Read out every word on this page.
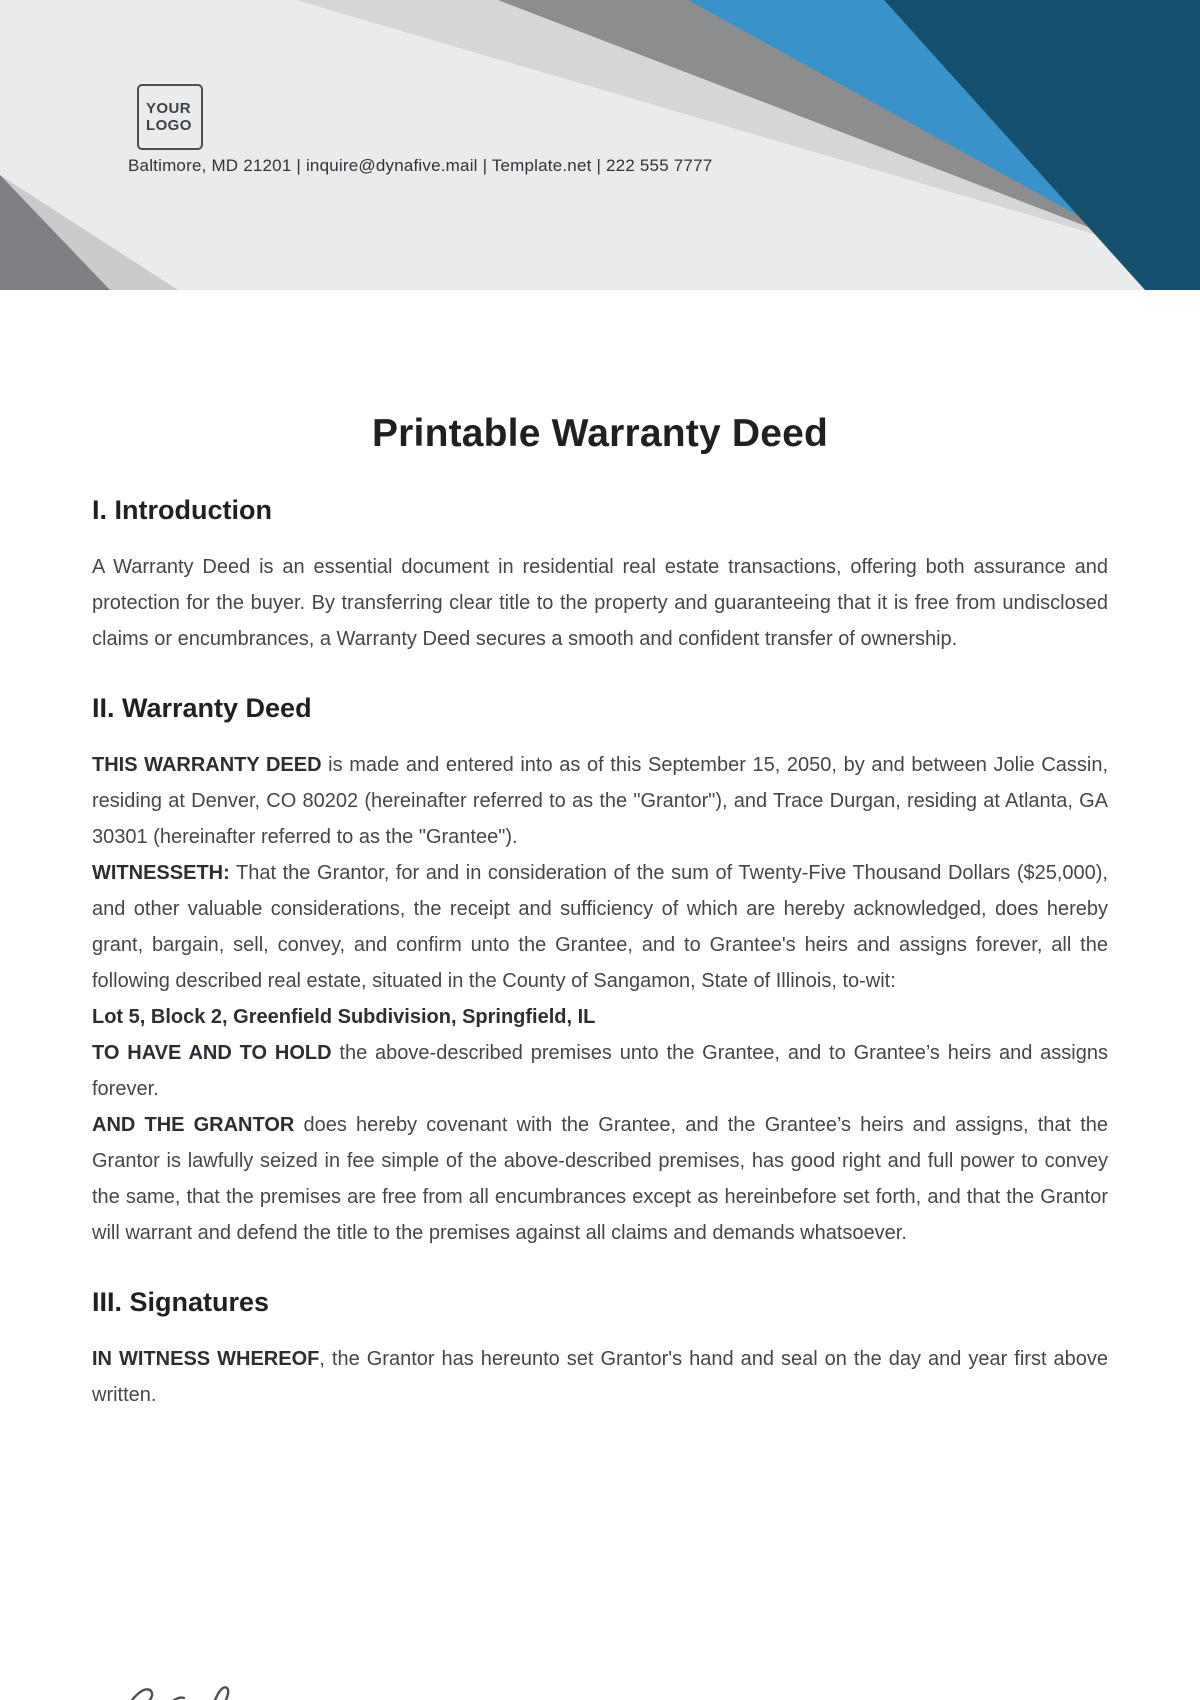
YOUR
LOGO
Baltimore, MD 21201 | inquire@dynafive.mail | Template.net | 222 555 7777
Printable Warranty Deed
I. Introduction

A Warranty Deed is an essential document in residential real estate transactions, offering both assurance and protection for the buyer. By transferring clear title to the property and guaranteeing that it is free from undisclosed claims or encumbrances, a Warranty Deed secures a smooth and confident transfer of ownership.

II. Warranty Deed

THIS WARRANTY DEED is made and entered into as of this September 15, 2050, by and between Jolie Cassin, residing at Denver, CO 80202 (hereinafter referred to as the "Grantor"), and Trace Durgan, residing at Atlanta, GA 30301 (hereinafter referred to as the "Grantee").

WITNESSETH: That the Grantor, for and in consideration of the sum of Twenty-Five Thousand Dollars ($25,000), and other valuable considerations, the receipt and sufficiency of which are hereby acknowledged, does hereby grant, bargain, sell, convey, and confirm unto the Grantee, and to Grantee's heirs and assigns forever, all the following described real estate, situated in the County of Sangamon, State of Illinois, to-wit:

Lot 5, Block 2, Greenfield Subdivision, Springfield, IL

TO HAVE AND TO HOLD the above-described premises unto the Grantee, and to Grantee’s heirs and assigns forever.

AND THE GRANTOR does hereby covenant with the Grantee, and the Grantee’s heirs and assigns, that the Grantor is lawfully seized in fee simple of the above-described premises, has good right and full power to convey the same, that the premises are free from all encumbrances except as hereinbefore set forth, and that the Grantor will warrant and defend the title to the premises against all claims and demands whatsoever.

III. Signatures

IN WITNESS WHEREOF, the Grantor has hereunto set Grantor's hand and seal on the day and year first above written.
